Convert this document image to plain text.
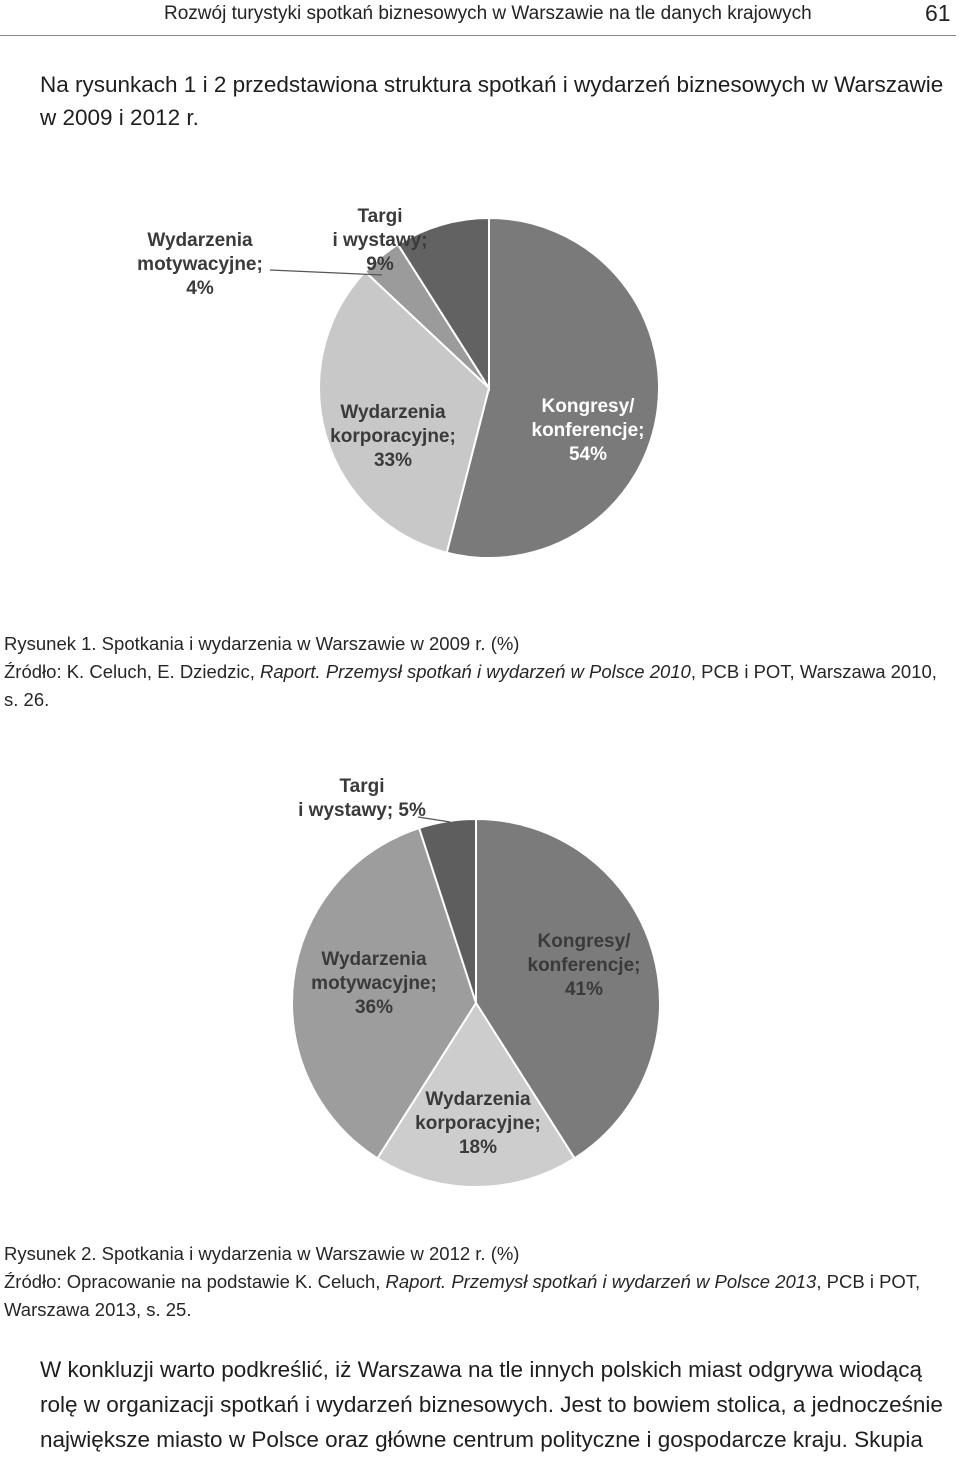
Rozwój turystyki spotkań biznesowych w Warszawie na tle danych krajowych	61

Na rysunkach 1 i 2 przedstawiona struktura spotkań i wydarzeń biznesowych w Warszawie w 2009 i 2012 r.

Kongresy/ konferencje; 54%
Wydarzenia korporacyjne; 33%
Wydarzenia motywacyjne; 4%
Targi i wystawy; 9%

Rysunek 1. Spotkania i wydarzenia w Warszawie w 2009 r. (%)

Źródło: K. Celuch, E. Dziedzic, Raport. Przemysł spotkań i wydarzeń w Polsce 2010, PCB i POT, Warszawa 2010, s. 26.

Kongresy/ konferencje; 41%
Wydarzenia korporacyjne; 18%
Wydarzenia motywacyjne; 36%
Targi i wystawy; 5%

Rysunek 2. Spotkania i wydarzenia w Warszawie w 2012 r. (%)

Źródło: Opracowanie na podstawie K. Celuch, Raport. Przemysł spotkań i wydarzeń w Polsce 2013, PCB i POT, Warszawa 2013, s. 25.

W konkluzji warto podkreślić, iż Warszawa na tle innych polskich miast odgrywa wiodącą rolę w organizacji spotkań i wydarzeń biznesowych. Jest to bowiem stolica, a jednocześnie największe miasto w Polsce oraz główne centrum polityczne i gospodarcze kraju. Skupia
